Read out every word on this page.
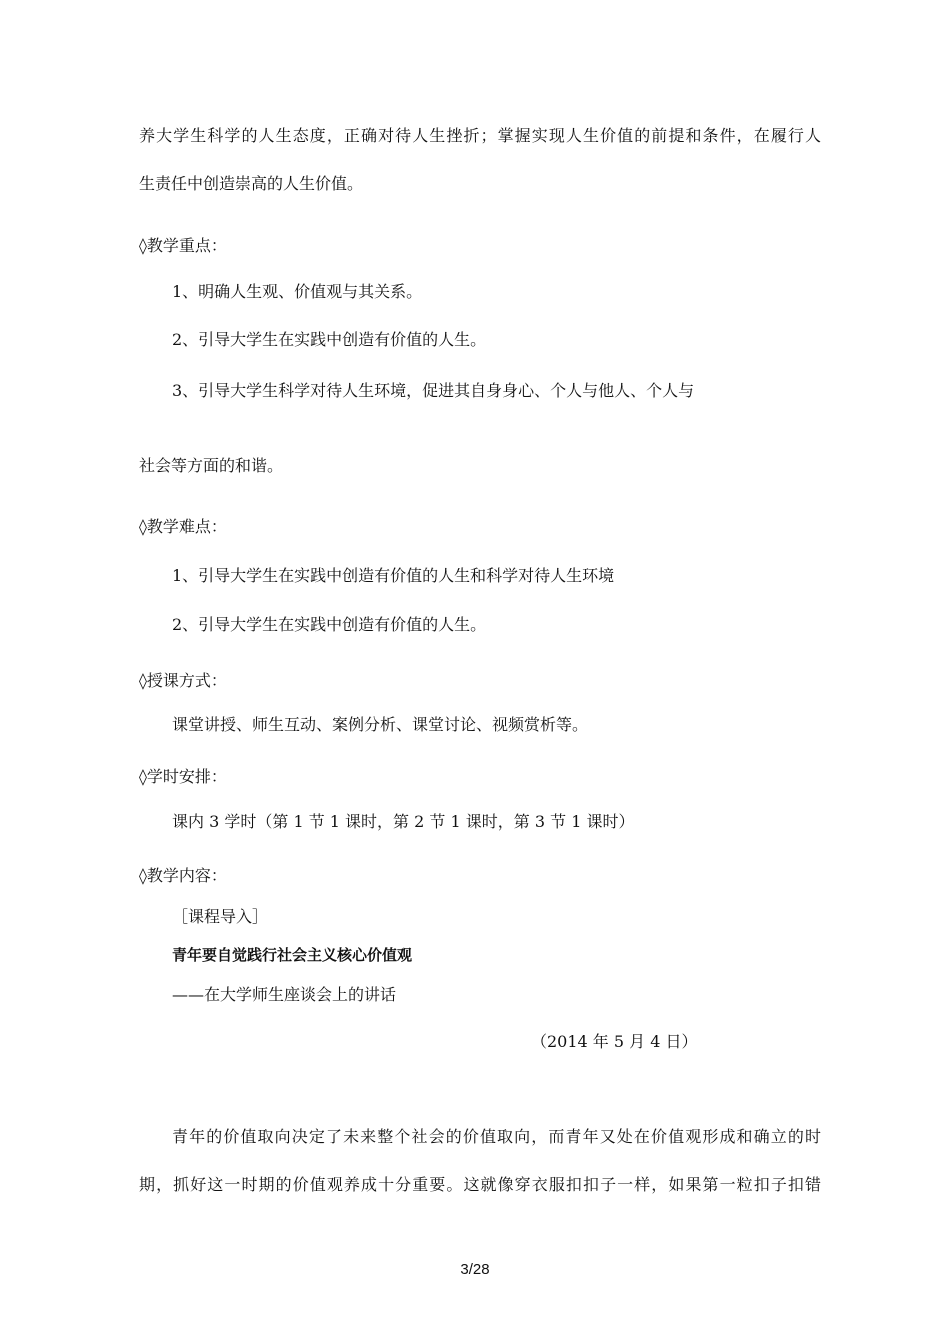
养大学生科学的人生态度，正确对待人生挫折；掌握实现人生价值的前提和条件，在履行人
生责任中创造崇高的人生价值。
◊教学重点：
1、明确人生观、价值观与其关系。
2、引导大学生在实践中创造有价值的人生。
3、引导大学生科学对待人生环境，促进其自身身心、个人与他人、个人与
社会等方面的和谐。
◊教学难点：
1、引导大学生在实践中创造有价值的人生和科学对待人生环境
2、引导大学生在实践中创造有价值的人生。
◊授课方式：
课堂讲授、师生互动、案例分析、课堂讨论、视频赏析等。
◊学时安排：
课内 3 学时（第 1 节 1 课时，第 2 节 1 课时，第 3 节 1 课时）
◊教学内容：
［课程导入］
青年要自觉践行社会主义核心价值观
——在大学师生座谈会上的讲话
（2014 年 5 月 4 日）
青年的价值取向决定了未来整个社会的价值取向，而青年又处在价值观形成和确立的时
期，抓好这一时期的价值观养成十分重要。这就像穿衣服扣扣子一样，如果第一粒扣子扣错
3/28
